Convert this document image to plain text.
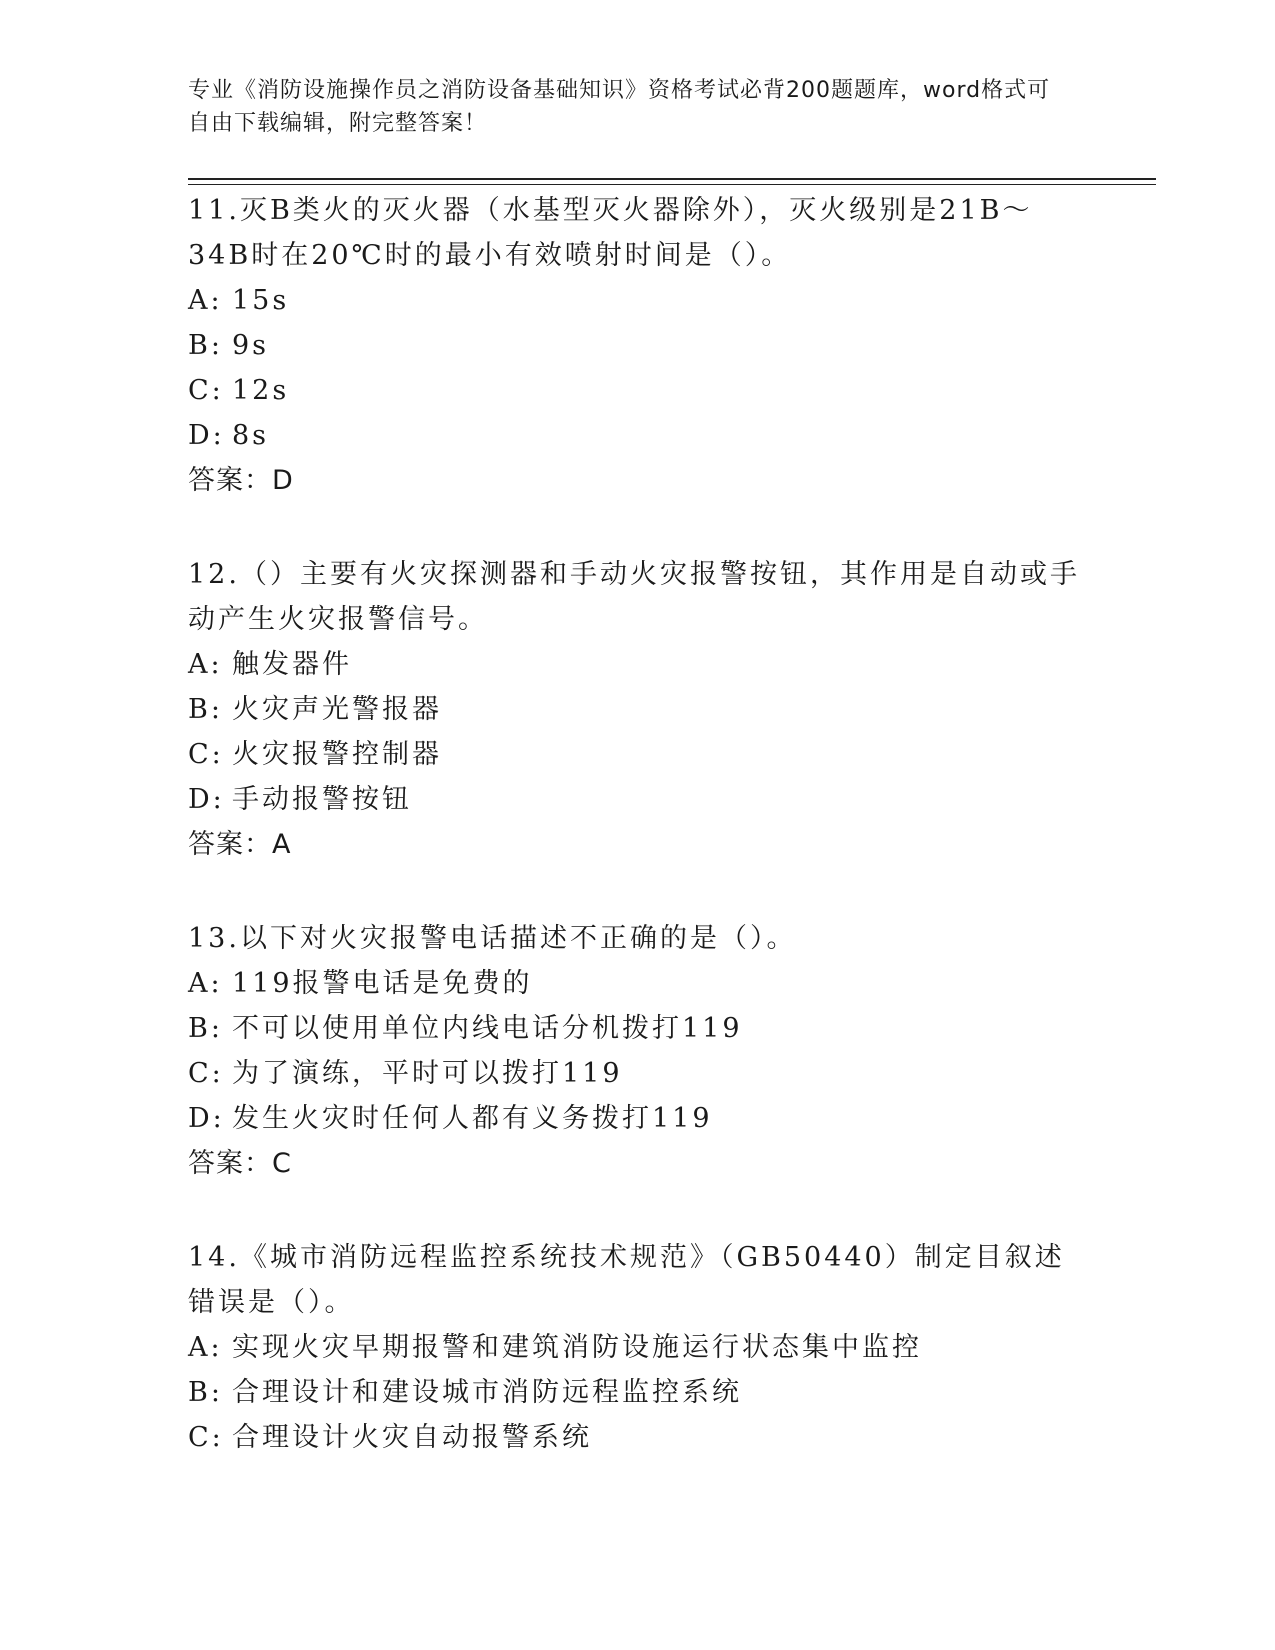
专业《消防设施操作员之消防设备基础知识》资格考试必背200题题库，word格式可自由下载编辑，附完整答案！

11.灭B类火的灭火器（水基型灭火器除外），灭火级别是21B～34B时在20℃时的最小有效喷射时间是（）。

A: 15s
B: 9s
C: 12s
D: 8s
答案：D

12.（）主要有火灾探测器和手动火灾报警按钮，其作用是自动或手动产生火灾报警信号。

A: 触发器件
B: 火灾声光警报器
C: 火灾报警控制器
D: 手动报警按钮
答案：A

13.以下对火灾报警电话描述不正确的是（）。

A: 119报警电话是免费的
B: 不可以使用单位内线电话分机拨打119
C: 为了演练，平时可以拨打119
D: 发生火灾时任何人都有义务拨打119
答案：C

14.《城市消防远程监控系统技术规范》（GB50440）制定目叙述错误是（）。

A: 实现火灾早期报警和建筑消防设施运行状态集中监控
B: 合理设计和建设城市消防远程监控系统
C: 合理设计火灾自动报警系统
